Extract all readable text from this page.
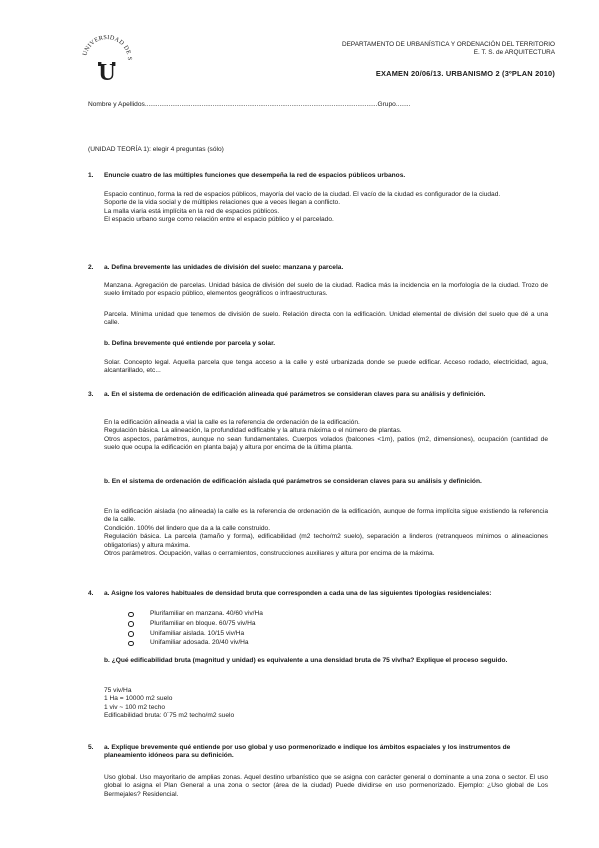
UNIVERSIDAD DE S
U
DEPARTAMENTO DE URBANÍSTICA Y ORDENACIÓN DEL TERRITORIO
E. T. S. de ARQUITECTURA
EXAMEN 20/06/13. URBANISMO 2 (3ºPLAN 2010)
Nombre y Apellidos...............................................................................................................................Grupo........
(UNIDAD TEORÍA 1): elegir 4 preguntas (sólo)
1. Enuncie cuatro de las múltiples funciones que desempeña la red de espacios públicos urbanos.

Espacio continuo, forma la red de espacios públicos, mayoría del vacío de la ciudad. El vacío de la ciudad es configurador de la ciudad.
Soporte de la vida social y de múltiples relaciones que a veces llegan a conflicto.
La malla viaria está implícita en la red de espacios públicos.
El espacio urbano surge como relación entre el espacio público y el parcelado.

2. a. Defina brevemente las unidades de división del suelo: manzana y parcela.

Manzana. Agregación de parcelas. Unidad básica de división del suelo de la ciudad. Radica más la incidencia en la morfología de la ciudad. Trozo de suelo limitado por espacio público, elementos geográficos o infraestructuras.

Parcela. Mínima unidad que tenemos de división de suelo. Relación directa con la edificación. Unidad elemental de división del suelo que dé a una calle.

b. Defina brevemente qué entiende por parcela y solar.

Solar. Concepto legal. Aquella parcela que tenga acceso a la calle y esté urbanizada donde se puede edificar. Acceso rodado, electricidad, agua, alcantarillado, etc...

3. a. En el sistema de ordenación de edificación alineada qué parámetros se consideran claves para su análisis y definición.

En la edificación alineada a vial la calle es la referencia de ordenación de la edificación.
Regulación básica. La alineación, la profundidad edificable y la altura máxima o el número de plantas.
Otros aspectos, parámetros, aunque no sean fundamentales. Cuerpos volados (balcones <1m), patios (m2, dimensiones), ocupación (cantidad de suelo que ocupa la edificación en planta baja) y altura por encima de la última planta.

b. En el sistema de ordenación de edificación aislada qué parámetros se consideran claves para su análisis y definición.

En la edificación aislada (no alineada) la calle es la referencia de ordenación de la edificación, aunque de forma implícita sigue existiendo la referencia de la calle.
Condición. 100% del lindero que da a la calle construido.
Regulación básica. La parcela (tamaño y forma), edificabilidad (m2 techo/m2 suelo), separación a linderos (retranqueos mínimos o alineaciones obligatorias) y altura máxima.
Otros parámetros. Ocupación, vallas o cerramientos, construcciones auxiliares y altura por encima de la máxima.

4. a. Asigne los valores habituales de densidad bruta que corresponden a cada una de las siguientes tipologías residenciales:

Plurifamiliar en manzana. 40/60 viv/Ha
Plurifamiliar en bloque. 60/75 viv/Ha
Unifamiliar aislada. 10/15 viv/Ha
Unifamiliar adosada. 20/40 viv/Ha

b. ¿Qué edificabilidad bruta (magnitud y unidad) es equivalente a una densidad bruta de 75 viv/ha? Explique el proceso seguido.

75 viv/Ha

1 Ha = 10000 m2 suelo

1 viv ~ 100 m2 techo

Edificabilidad bruta: 0´75 m2 techo/m2 suelo

5. a. Explique brevemente qué entiende por uso global y uso pormenorizado e indique los ámbitos espaciales y los instrumentos de planeamiento idóneos para su definición.

Uso global. Uso mayoritario de amplias zonas. Aquel destino urbanístico que se asigna con carácter general o dominante a una zona o sector. El uso global lo asigna el Plan General a una zona o sector (área de la ciudad) Puede dividirse en uso pormenorizado. Ejemplo: ¿Uso global de Los Bermejales? Residencial.
